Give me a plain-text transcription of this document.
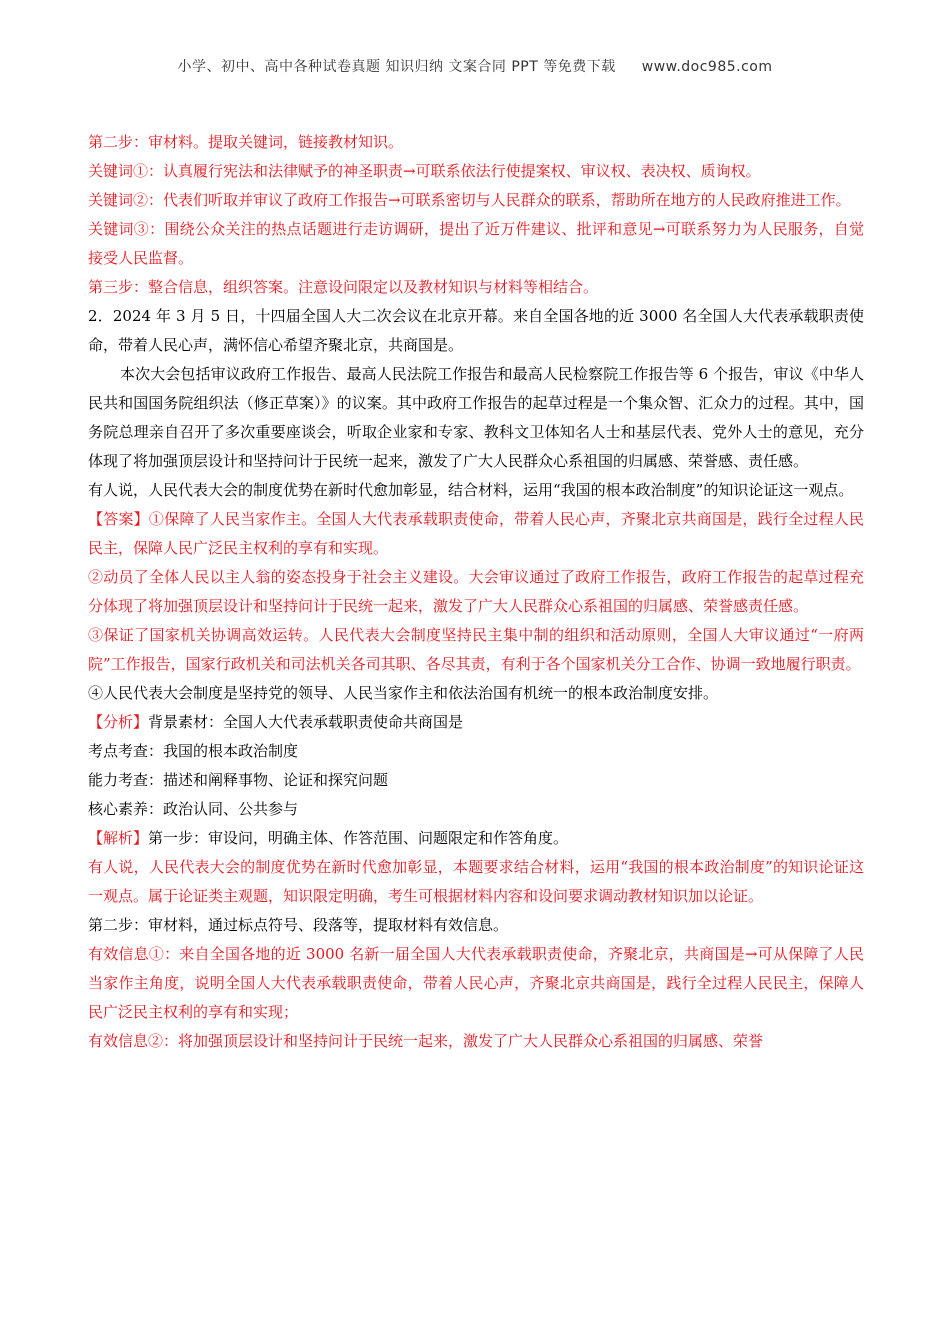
小学、初中、高中各种试卷真题 知识归纳 文案合同 PPT 等免费下载 www.doc985.com

第二步：审材料。提取关键词，链接教材知识。

关键词①：认真履行宪法和法律赋予的神圣职责→可联系依法行使提案权、审议权、表决权、质询权。

关键词②：代表们听取并审议了政府工作报告→可联系密切与人民群众的联系，帮助所在地方的人民政府推进工作。

关键词③：围绕公众关注的热点话题进行走访调研，提出了近万件建议、批评和意见→可联系努力为人民服务，自觉接受人民监督。

第三步：整合信息，组织答案。注意设问限定以及教材知识与材料等相结合。

2．2024 年 3 月 5 日，十四届全国人大二次会议在北京开幕。来自全国各地的近 3000 名全国人大代表承载职责使命，带着人民心声，满怀信心希望齐聚北京，共商国是。

本次大会包括审议政府工作报告、最高人民法院工作报告和最高人民检察院工作报告等 6 个报告，审议《中华人民共和国国务院组织法（修正草案）》的议案。其中政府工作报告的起草过程是一个集众智、汇众力的过程。其中，国务院总理亲自召开了多次重要座谈会，听取企业家和专家、教科文卫体知名人士和基层代表、党外人士的意见，充分体现了将加强顶层设计和坚持问计于民统一起来，激发了广大人民群众心系祖国的归属感、荣誉感、责任感。

有人说，人民代表大会的制度优势在新时代愈加彰显，结合材料，运用“我国的根本政治制度”的知识论证这一观点。

【答案】①保障了人民当家作主。全国人大代表承载职责使命，带着人民心声，齐聚北京共商国是，践行全过程人民民主，保障人民广泛民主权利的享有和实现。

②动员了全体人民以主人翁的姿态投身于社会主义建设。大会审议通过了政府工作报告，政府工作报告的起草过程充分体现了将加强顶层设计和坚持问计于民统一起来，激发了广大人民群众心系祖国的归属感、荣誉感责任感。

③保证了国家机关协调高效运转。人民代表大会制度坚持民主集中制的组织和活动原则，全国人大审议通过“一府两院”工作报告，国家行政机关和司法机关各司其职、各尽其责，有利于各个国家机关分工合作、协调一致地履行职责。

④人民代表大会制度是坚持党的领导、人民当家作主和依法治国有机统一的根本政治制度安排。

【分析】背景素材：全国人大代表承载职责使命共商国是

考点考查：我国的根本政治制度

能力考查：描述和阐释事物、论证和探究问题

核心素养：政治认同、公共参与

【解析】第一步：审设问，明确主体、作答范围、问题限定和作答角度。

有人说，人民代表大会的制度优势在新时代愈加彰显，本题要求结合材料，运用“我国的根本政治制度”的知识论证这一观点。属于论证类主观题，知识限定明确，考生可根据材料内容和设问要求调动教材知识加以论证。

第二步：审材料，通过标点符号、段落等，提取材料有效信息。

有效信息①：来自全国各地的近 3000 名新一届全国人大代表承载职责使命，齐聚北京，共商国是→可从保障了人民当家作主角度，说明全国人大代表承载职责使命，带着人民心声，齐聚北京共商国是，践行全过程人民民主，保障人民广泛民主权利的享有和实现；

有效信息②：将加强顶层设计和坚持问计于民统一起来，激发了广大人民群众心系祖国的归属感、荣誉
